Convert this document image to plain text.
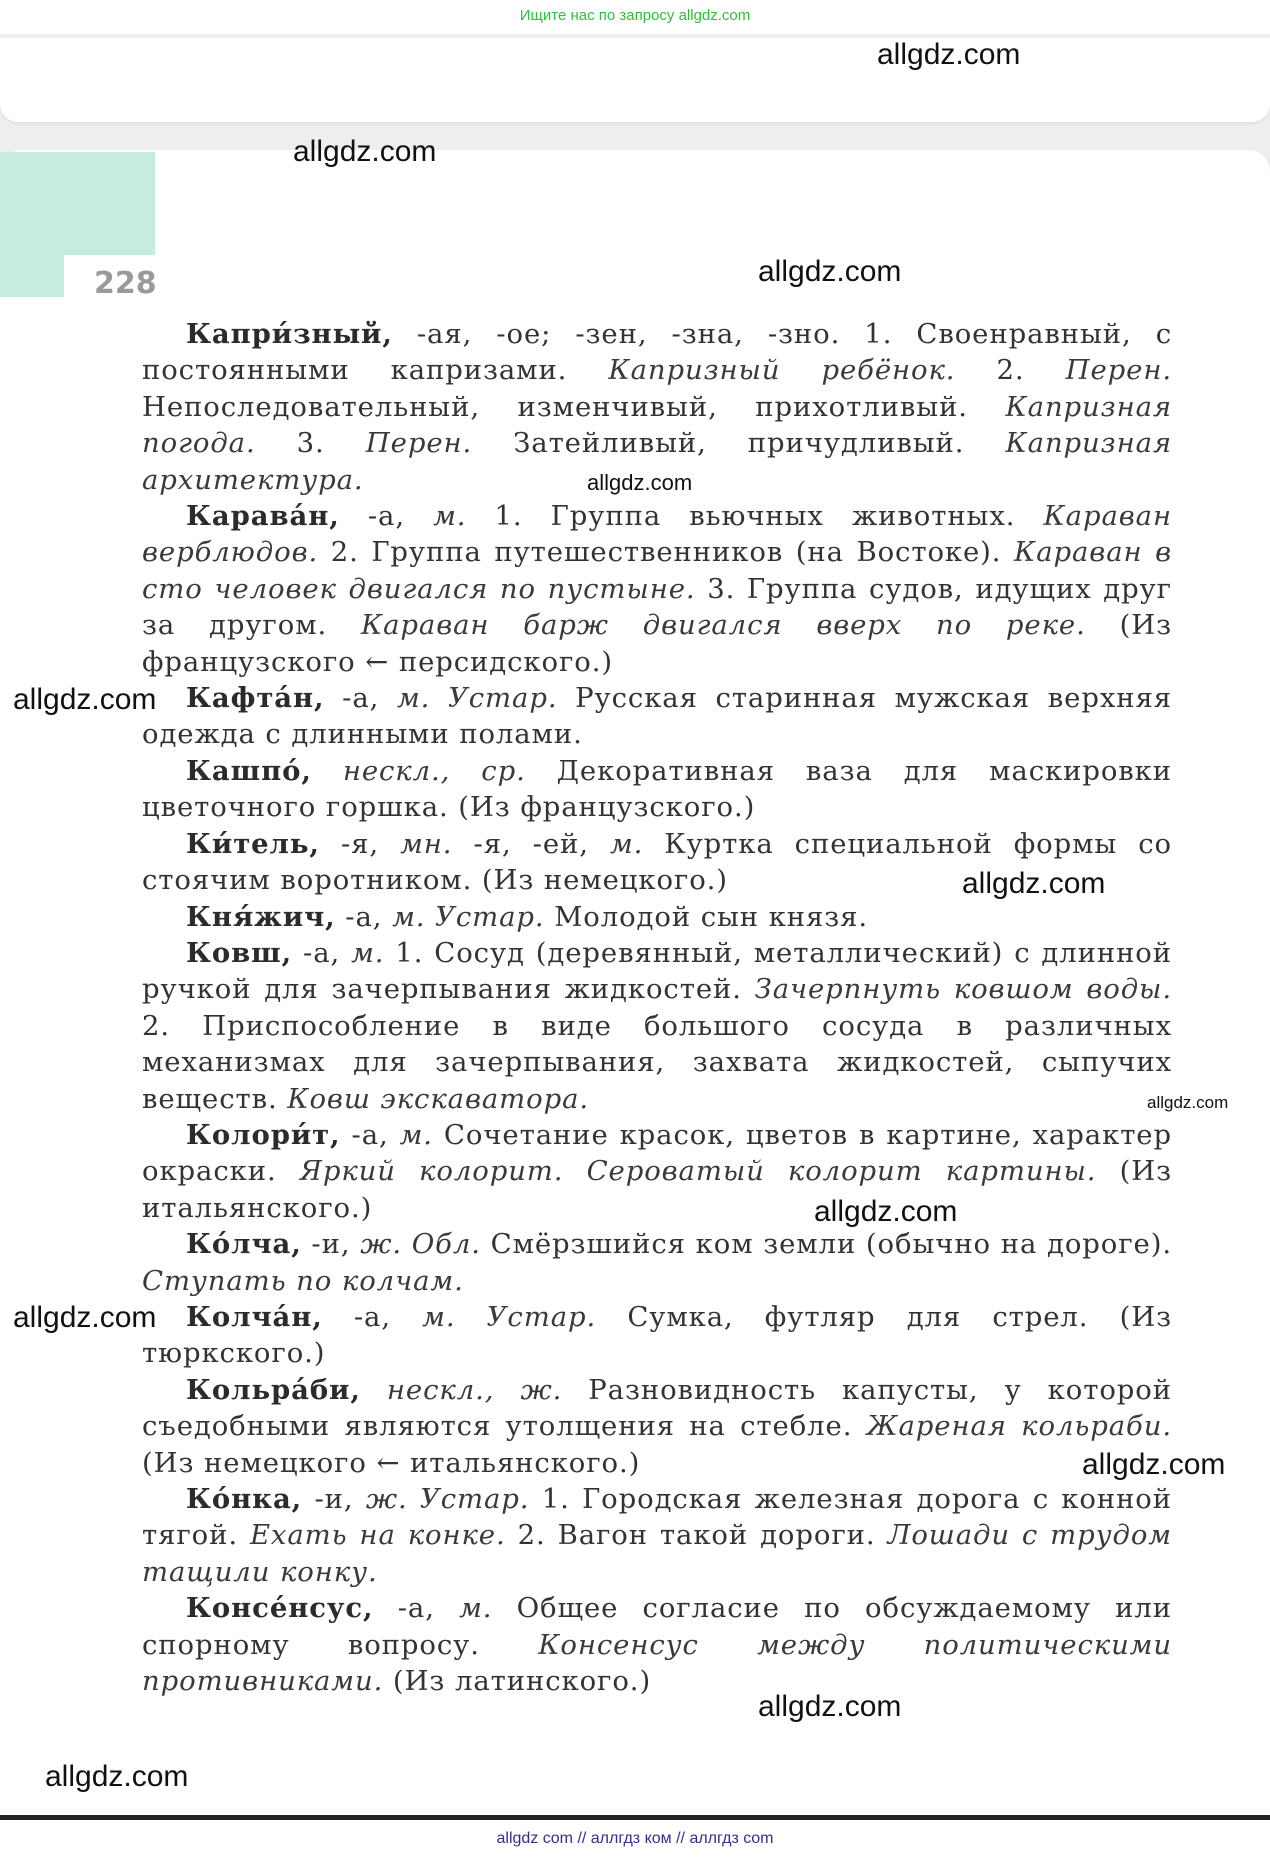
Ищите нас по запросу allgdz.com
228

Капри́зный, -ая, -ое; -зен, -зна, -зно. 1. Своенравный, с постоянными капризами. Капризный ребёнок. 2. Перен. Непоследовательный, изменчивый, прихотливый. Капризная погода. 3. Перен. Затейливый, причудливый. Капризная архитектура.

Карава́н, -а, м. 1. Группа вьючных животных. Караван верблюдов. 2. Группа путешественников (на Востоке). Караван в сто человек двигался по пустыне. 3. Группа судов, идущих друг за другом. Караван барж двигался вверх по реке. (Из французского ← персидского.)

Кафта́н, -а, м. Устар. Русская старинная мужская верхняя одежда с длинными полами.

Кашпо́, нескл., ср. Декоративная ваза для маскировки цветочного горшка. (Из французского.)

Ки́тель, -я, мн. -я, -ей, м. Куртка специальной формы со стоячим воротником. (Из немецкого.)

Кня́жич, -а, м. Устар. Молодой сын князя.

Ковш, -а, м. 1. Сосуд (деревянный, металлический) с длинной ручкой для зачерпывания жидкостей. Зачерпнуть ковшом воды. 2. Приспособление в виде большого сосуда в различных механизмах для зачерпывания, захвата жидкостей, сыпучих веществ. Ковш экскаватора.

Колори́т, -а, м. Сочетание красок, цветов в картине, характер окраски. Яркий колорит. Сероватый колорит картины. (Из итальянского.)

Ко́лча, -и, ж. Обл. Смёрзшийся ком земли (обычно на дороге). Ступать по колчам.

Колча́н, -а, м. Устар. Сумка, футляр для стрел. (Из тюркского.)

Кольра́би, нескл., ж. Разновидность капусты, у которой съедобными являются утолщения на стебле. Жареная кольраби. (Из немецкого ← итальянского.)

Ко́нка, -и, ж. Устар. 1. Городская железная дорога с конной тягой. Ехать на конке. 2. Вагон такой дороги. Лошади с трудом тащили конку.

Консе́нсус, -а, м. Общее согласие по обсуждаемому или спорному вопросу. Консенсус между политическими противниками. (Из латинского.)

allgdz.com
allgdz.com
allgdz.com
allgdz.com
allgdz.com
allgdz.com
allgdz.com
allgdz.com
allgdz.com
allgdz.com
allgdz.com
allgdz.com
allgdz com // аллгдз ком // аллгдз com
